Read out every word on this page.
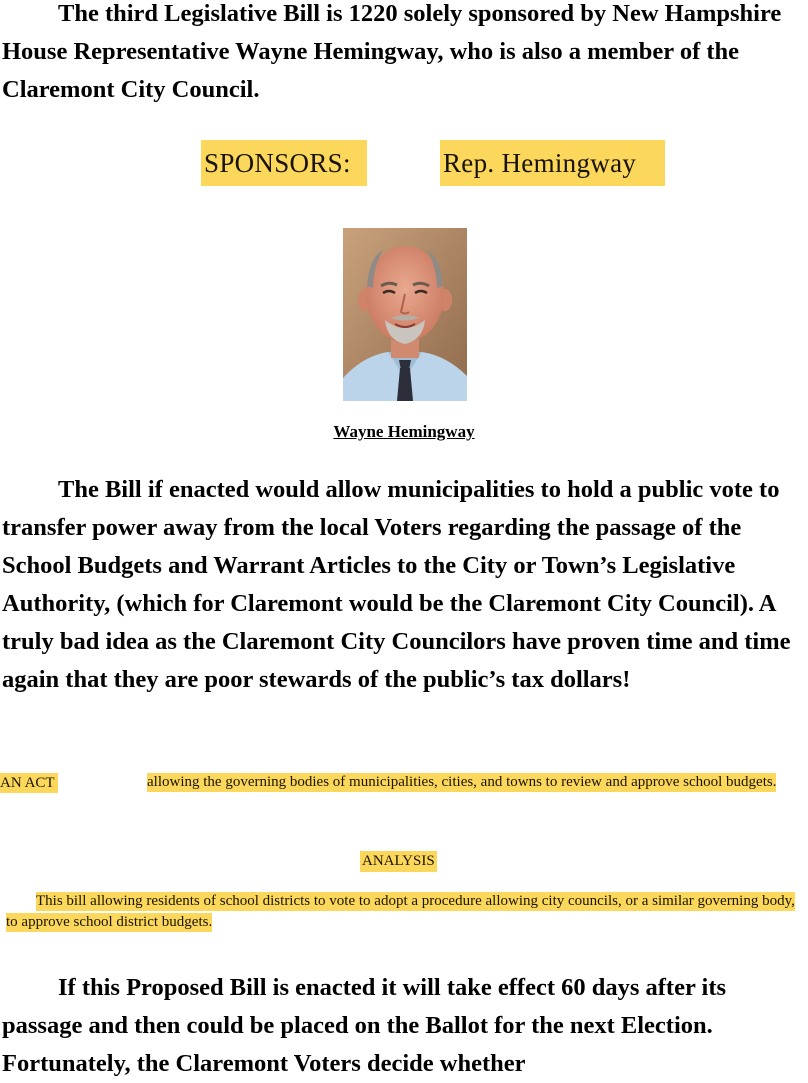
The third Legislative Bill is 1220 solely sponsored by New Hampshire House Representative Wayne Hemingway, who is also a member of the Claremont City Council.

SPONSORS:	Rep. Hemingway
Wayne Hemingway

The Bill if enacted would allow municipalities to hold a public vote to transfer power away from the local Voters regarding the passage of the School Budgets and Warrant Articles to the City or Town’s Legislative Authority, (which for Claremont would be the Claremont City Council). A truly bad idea as the Claremont City Councilors have proven time and time again that they are poor stewards of the public’s tax dollars!

AN ACT	allowing the governing bodies of municipalities, cities, and towns to review and approve school budgets.
ANALYSIS
This bill allowing residents of school districts to vote to adopt a procedure allowing city councils, or a similar governing body, to approve school district budgets.

If this Proposed Bill is enacted it will take effect 60 days after its passage and then could be placed on the Ballot for the next Election. Fortunately, the Claremont Voters decide whether
